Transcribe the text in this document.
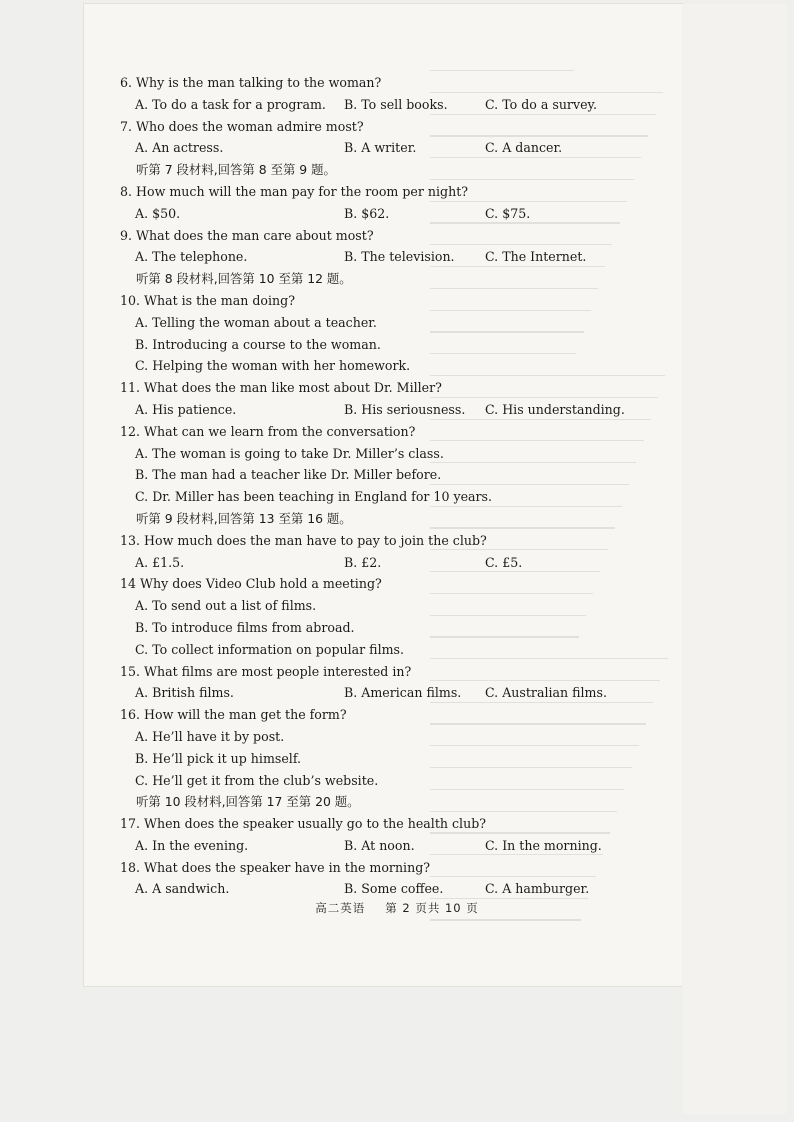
6. Why is the man talking to the woman?
A. To do a task for a program. B. To sell books.	C. To do a survey.
7. Who does the woman admire most?
A. An actress.	B. A writer.	C. A dancer.
听第 7 段材料,回答第 8 至第 9 题。
8. How much will the man pay for the room per night?
A. $50.	B. $62.	C. $75.
9. What does the man care about most?
A. The telephone.	B. The television. C. The Internet.
听第 8 段材料,回答第 10 至第 12 题。
10. What is the man doing?
A. Telling the woman about a teacher.
B. Introducing a course to the woman.
C. Helping the woman with her homework.
11. What does the man like most about Dr. Miller?
A. His patience.	B. His seriousness. C. His understanding.
12. What can we learn from the conversation?
A. The woman is going to take Dr. Miller’s class.
B. The man had a teacher like Dr. Miller before.
C. Dr. Miller has been teaching in England for 10 years.
听第 9 段材料,回答第 13 至第 16 题。
13. How much does the man have to pay to join the club?
A. £1.5.	B. £2.	C. £5.
14 Why does Video Club hold a meeting?
A. To send out a list of films.
B. To introduce films from abroad.
C. To collect information on popular films.
15. What films are most people interested in?
A. British films.	B. American films. C. Australian films.
16. How will the man get the form?
A. He’ll have it by post.
B. He’ll pick it up himself.
C. He’ll get it from the club’s website.
听第 10 段材料,回答第 17 至第 20 题。
17. When does the speaker usually go to the health club?
A. In the evening.	B. At noon.	C. In the morning.
18. What does the speaker have in the morning?
A. A sandwich.	B. Some coffee.	C. A hamburger.
高二英语 第 2 页共 10 页
